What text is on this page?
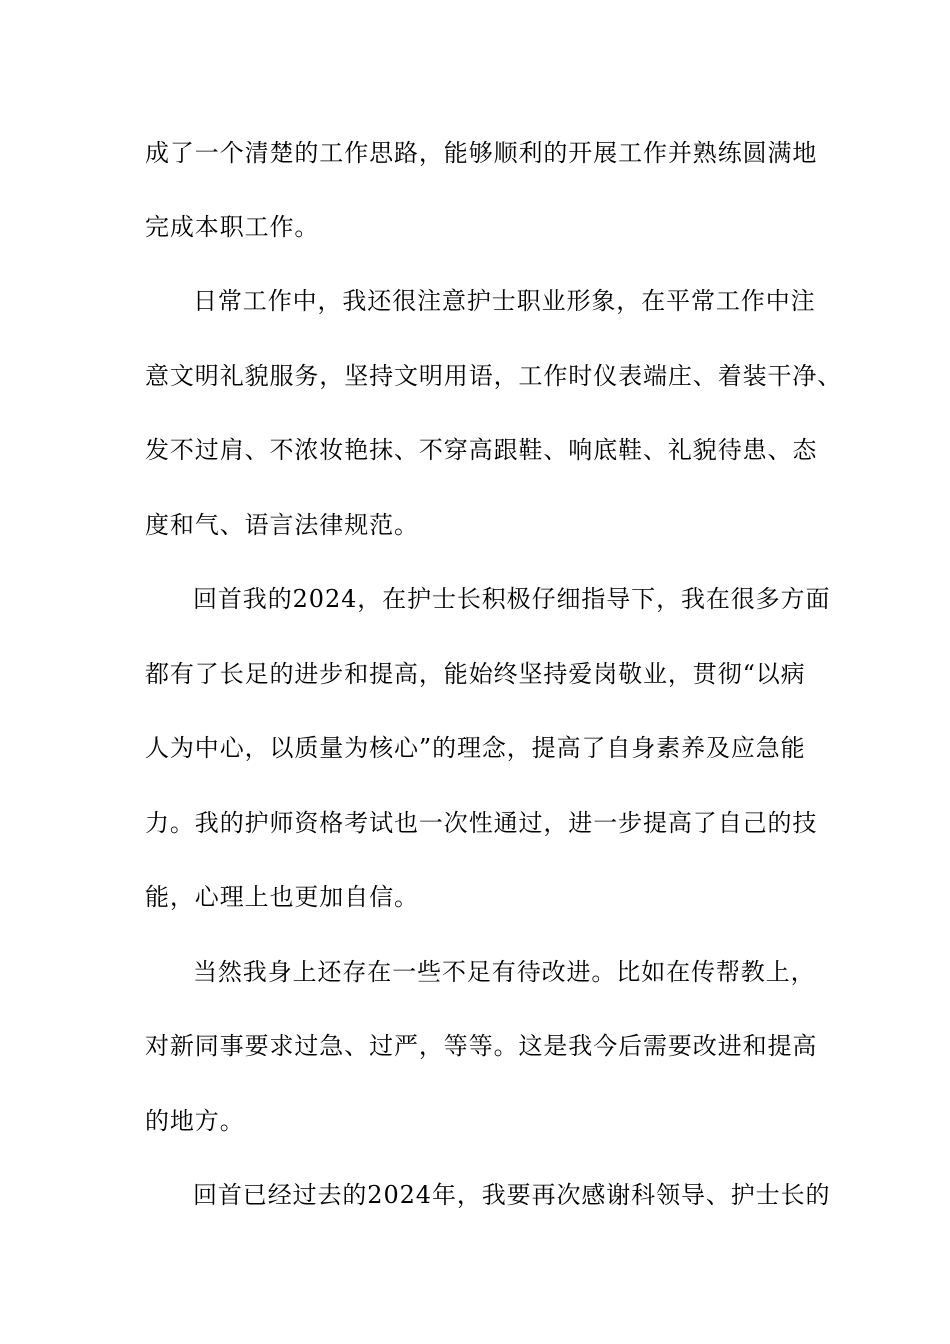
成了一个清楚的工作思路，能够顺利的开展工作并熟练圆满地
完成本职工作。
日常工作中，我还很注意护士职业形象，在平常工作中注
意文明礼貌服务，坚持文明用语，工作时仪表端庄、着装干净、
发不过肩、不浓妆艳抹、不穿高跟鞋、响底鞋、礼貌待患、态
度和气、语言法律规范。
回首我的2024，在护士长积极仔细指导下，我在很多方面
都有了长足的进步和提高，能始终坚持爱岗敬业，贯彻“以病
人为中心，以质量为核心”的理念，提高了自身素养及应急能
力。我的护师资格考试也一次性通过，进一步提高了自己的技
能，心理上也更加自信。
当然我身上还存在一些不足有待改进。比如在传帮教上，
对新同事要求过急、过严，等等。这是我今后需要改进和提高
的地方。
回首已经过去的2024年，我要再次感谢科领导、护士长的
